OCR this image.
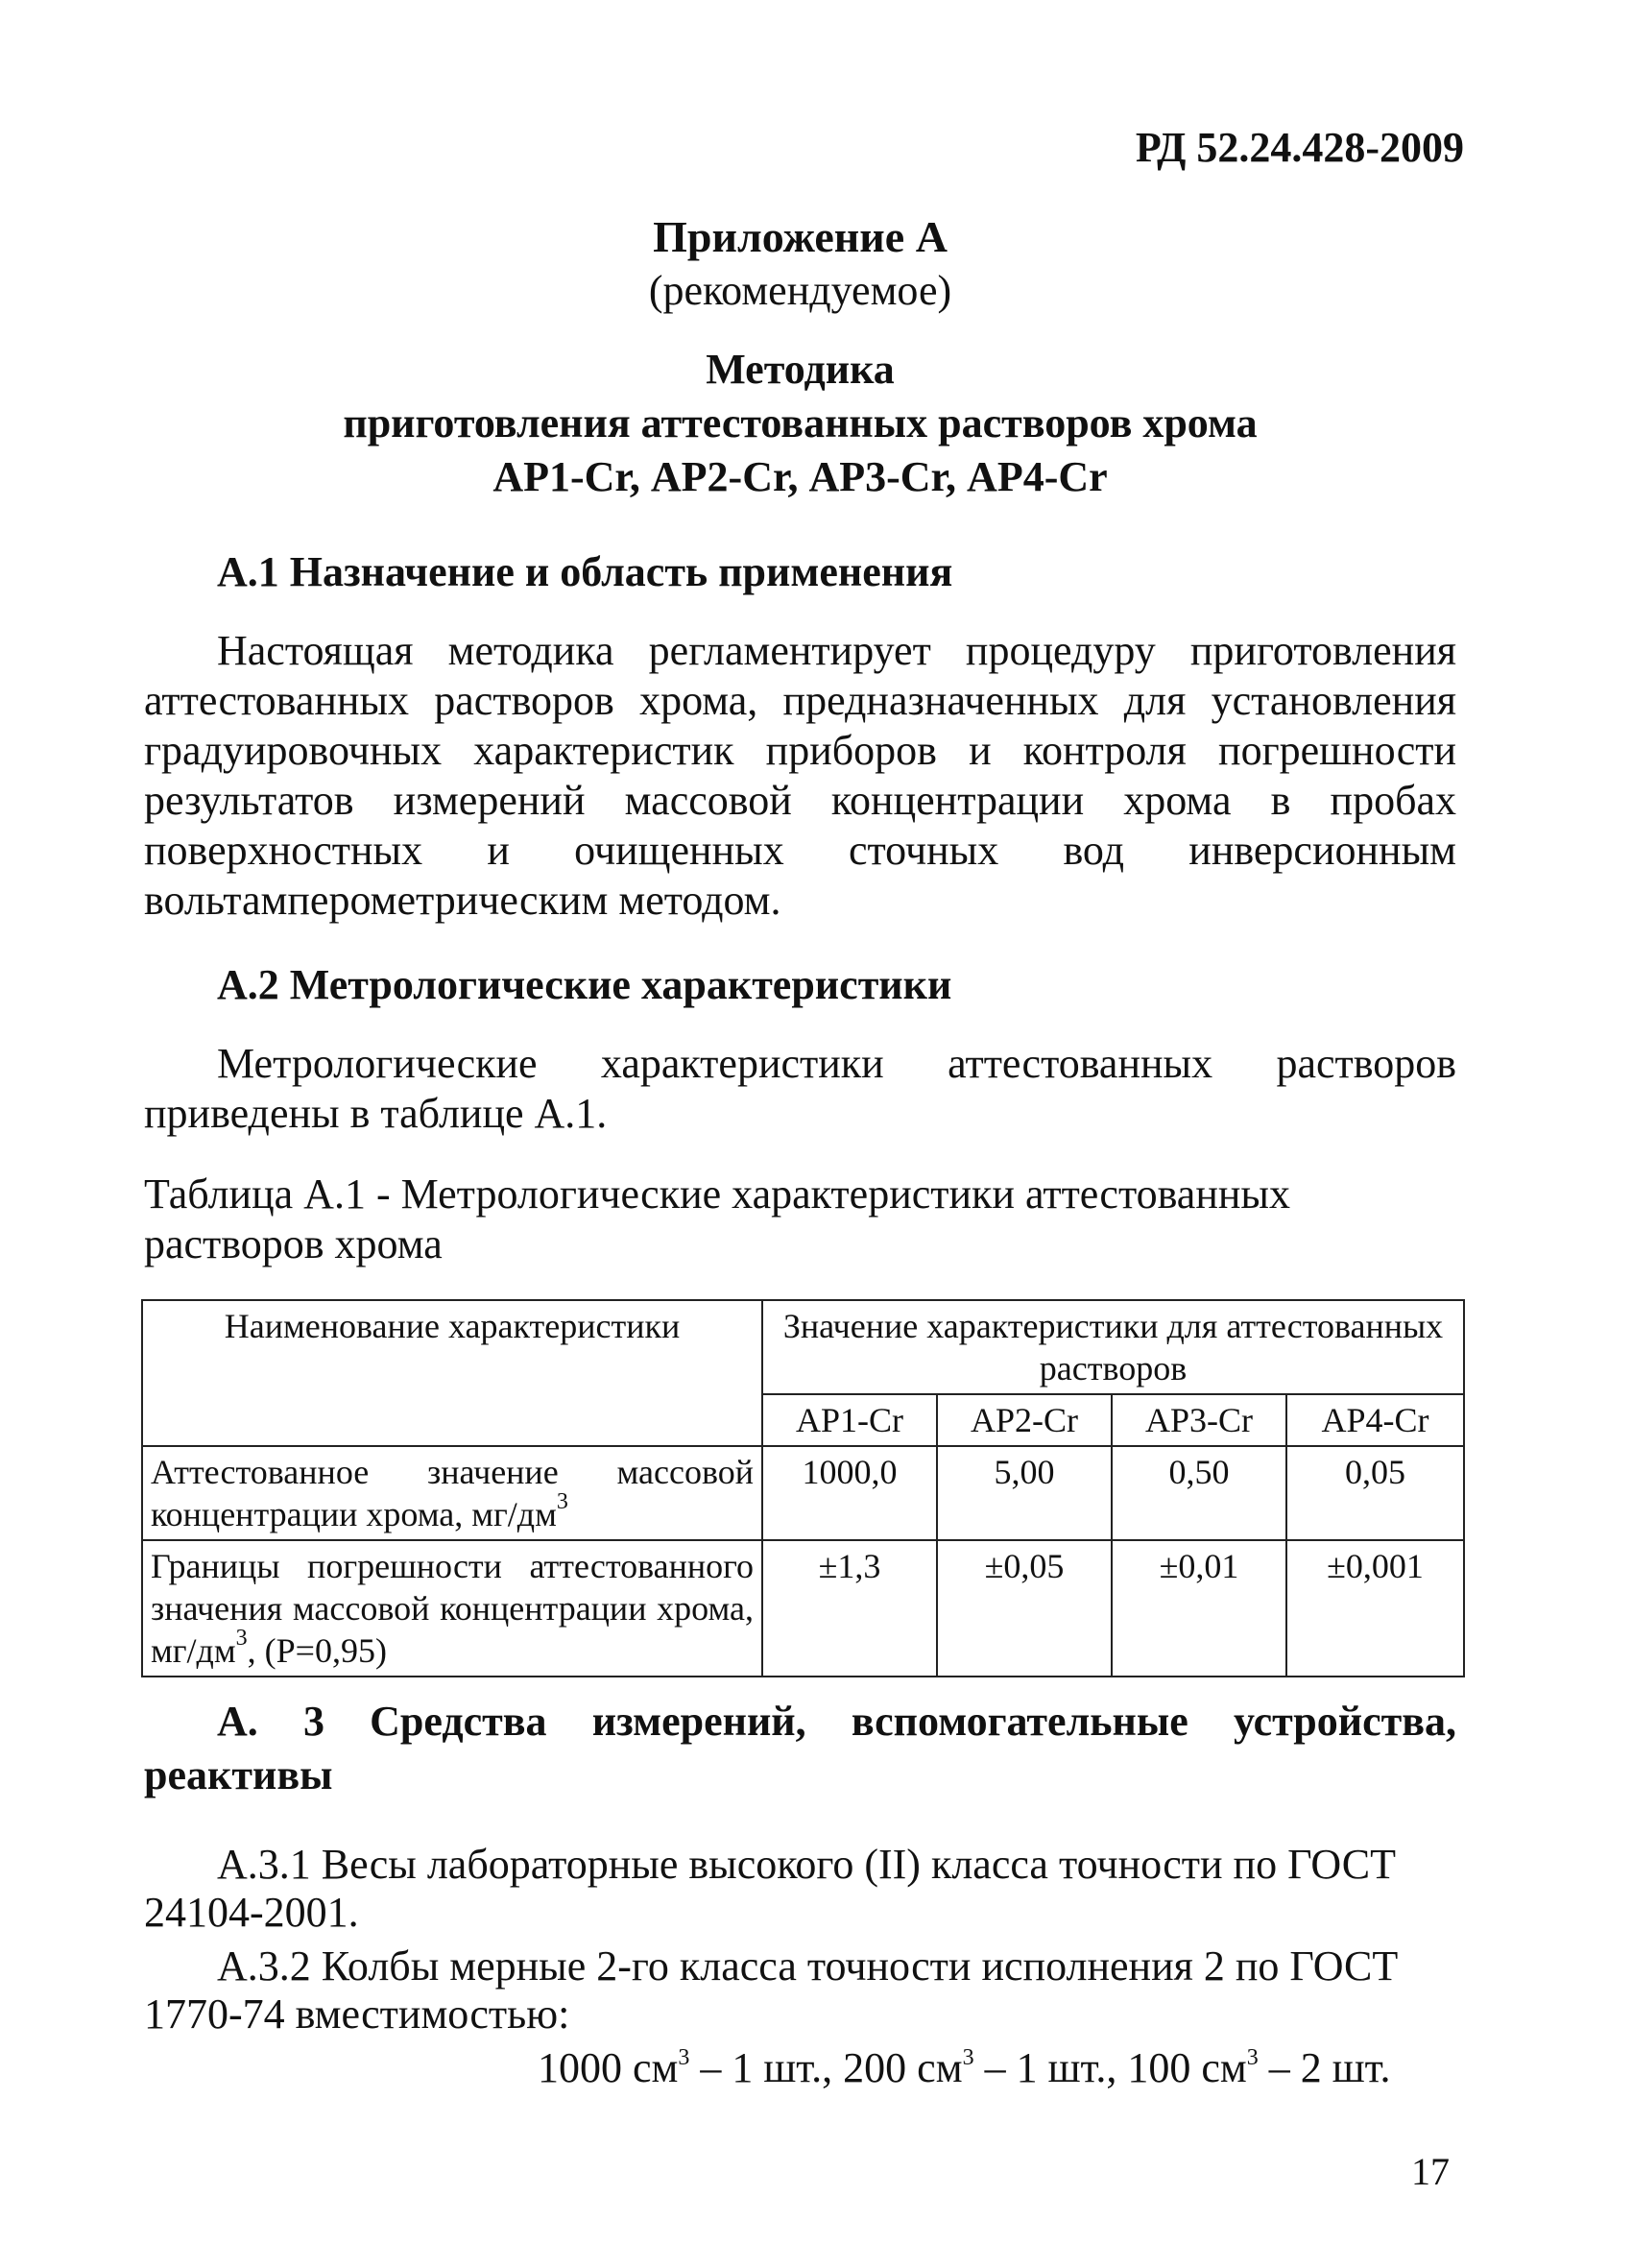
РД 52.24.428-2009
Приложение А
(рекомендуемое)
Методика
приготовления аттестованных растворов хрома
АР1-Cr, АР2-Cr, АР3-Cr, АР4-Cr
А.1 Назначение и область применения

Настоящая методика регламентирует процедуру приготовления аттестованных растворов хрома, предназначенных для установления градуировочных характеристик приборов и контроля погрешности результатов измерений массовой концентрации хрома в пробах поверхностных и очищенных сточных вод инверсионным вольтамперометрическим методом.

А.2 Метрологические характеристики

Метрологические характеристики аттестованных растворов приведены в таблице А.1.

Таблица А.1 - Метрологические характеристики аттестованных растворов хрома
Наименование характеристики	Значение характеристики для аттестованных растворов			
	АР1-Cr	АР2-Cr	АР3-Cr	АР4-Cr
Аттестованное значение массовой концентрации хрома, $мг/дм^3$	1000,0	5,00	0,50	0,05
Границы погрешности аттестованного значения массовой концентрации хрома, $мг/дм^3$, (Р=0,95)	±1,3	±0,05	±0,01	±0,001

А. 3 Средства измерений, вспомогательные устройства, реактивы

А.3.1 Весы лабораторные высокого (II) класса точности по ГОСТ 24104-2001.

А.3.2 Колбы мерные 2-го класса точности исполнения 2 по ГОСТ 1770-74 вместимостью:

1000 $см^3 - 1$ шт., 200 $см^3 - 1$ шт., 100 $см^3 - 2$ шт.
17
